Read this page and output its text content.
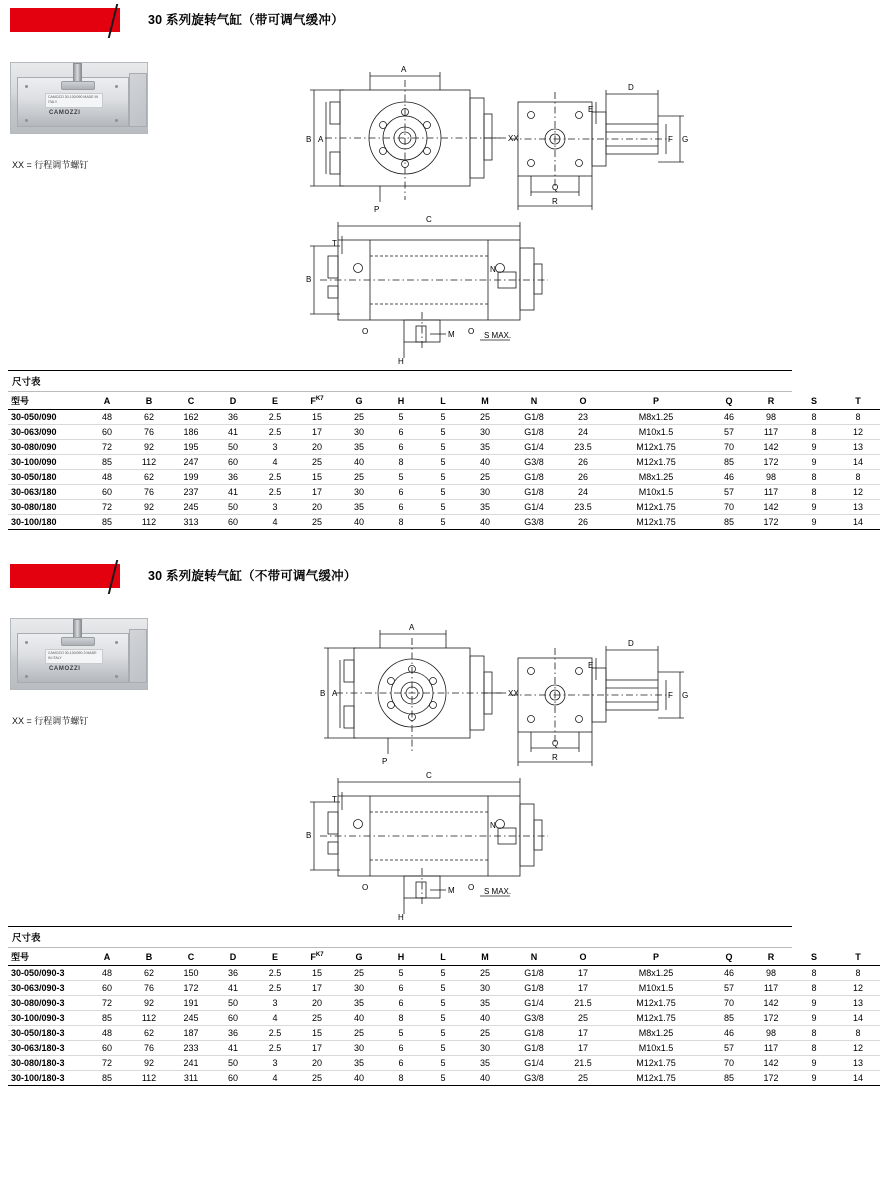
30 系列旋转气缸（带可调气缓冲）
CAMOZZI 30-100/090 MADE IN ITALY
CAMOZZI
XX = 行程调节螺钉
A
B A	XX
P
D
E
F G
Q
R
N
C
B
T
O	O
M
H
S MAX.
尺寸表
型号	A	B	C	D	E	$F^{K7}$	G	H	L	M	N	O	P	Q	R	S	T
30-050/090	48	62	162	36	2.5	15	25	5	5	25	G1/8	23	M8x1.25	46	98	8	8
30-063/090	60	76	186	41	2.5	17	30	6	5	30	G1/8	24	M10x1.5	57	117	8	12
30-080/090	72	92	195	50	3	20	35	6	5	35	G1/4	23.5	M12x1.75	70	142	9	13
30-100/090	85	112	247	60	4	25	40	8	5	40	G3/8	26	M12x1.75	85	172	9	14
30-050/180	48	62	199	36	2.5	15	25	5	5	25	G1/8	26	M8x1.25	46	98	8	8
30-063/180	60	76	237	41	2.5	17	30	6	5	30	G1/8	24	M10x1.5	57	117	8	12
30-080/180	72	92	245	50	3	20	35	6	5	35	G1/4	23.5	M12x1.75	70	142	9	13
30-100/180	85	112	313	60	4	25	40	8	5	40	G3/8	26	M12x1.75	85	172	9	14
30 系列旋转气缸（不带可调气缓冲）
CAMOZZI 30-100/090-3 MADE IN ITALY
CAMOZZI
XX = 行程调节螺钉
A
B A	XX
P
D
E
F G
Q
R
N
C
B
T
O	O
M
H
S MAX.
尺寸表
型号	A	B	C	D	E	$F^{K7}$	G	H	L	M	N	O	P	Q	R	S	T
30-050/090-3	48	62	150	36	2.5	15	25	5	5	25	G1/8	17	M8x1.25	46	98	8	8
30-063/090-3	60	76	172	41	2.5	17	30	6	5	30	G1/8	17	M10x1.5	57	117	8	12
30-080/090-3	72	92	191	50	3	20	35	6	5	35	G1/4	21.5	M12x1.75	70	142	9	13
30-100/090-3	85	112	245	60	4	25	40	8	5	40	G3/8	25	M12x1.75	85	172	9	14
30-050/180-3	48	62	187	36	2.5	15	25	5	5	25	G1/8	17	M8x1.25	46	98	8	8
30-063/180-3	60	76	233	41	2.5	17	30	6	5	30	G1/8	17	M10x1.5	57	117	8	12
30-080/180-3	72	92	241	50	3	20	35	6	5	35	G1/4	21.5	M12x1.75	70	142	9	13
30-100/180-3	85	112	311	60	4	25	40	8	5	40	G3/8	25	M12x1.75	85	172	9	14
